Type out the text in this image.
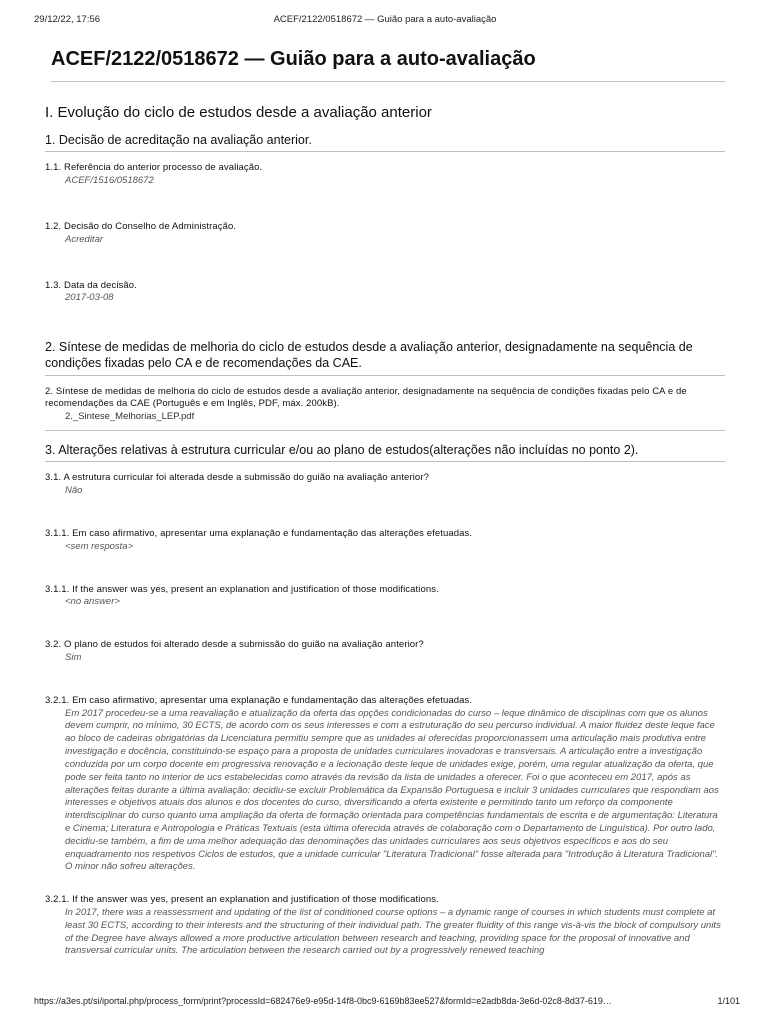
29/12/22, 17:56	ACEF/2122/0518672 — Guião para a auto-avaliação
ACEF/2122/0518672 — Guião para a auto-avaliação
I. Evolução do ciclo de estudos desde a avaliação anterior
1. Decisão de acreditação na avaliação anterior.
1.1. Referência do anterior processo de avaliação.
ACEF/1516/0518672
1.2. Decisão do Conselho de Administração.
Acreditar
1.3. Data da decisão.
2017-03-08
2. Síntese de medidas de melhoria do ciclo de estudos desde a avaliação anterior, designadamente na sequência de condições fixadas pelo CA e de recomendações da CAE.
2. Síntese de medidas de melhoria do ciclo de estudos desde a avaliação anterior, designadamente na sequência de condições fixadas pelo CA e de recomendações da CAE (Português e em Inglês, PDF, máx. 200kB).
2._Sintese_Melhorias_LEP.pdf
3. Alterações relativas à estrutura curricular e/ou ao plano de estudos(alterações não incluídas no ponto 2).
3.1. A estrutura curricular foi alterada desde a submissão do guião na avaliação anterior?
Não
3.1.1. Em caso afirmativo, apresentar uma explanação e fundamentação das alterações efetuadas.
<sem resposta>
3.1.1. If the answer was yes, present an explanation and justification of those modifications.
<no answer>
3.2. O plano de estudos foi alterado desde a submissão do guião na avaliação anterior?
Sim
3.2.1. Em caso afirmativo, apresentar uma explanação e fundamentação das alterações efetuadas.
Em 2017 procedeu-se a uma reavaliação e atualização da oferta das opções condicionadas do curso – leque dinâmico de disciplinas com que os alunos devem cumprir, no mínimo, 30 ECTS, de acordo com os seus interesses e com a estruturação do seu percurso individual. A maior fluidez deste leque face ao bloco de cadeiras obrigatórias da Licenciatura permitiu sempre que as unidades aí oferecidas proporcionassem uma articulação mais produtiva entre investigação e docência, constituindo-se espaço para a proposta de unidades curriculares inovadoras e transversais. A articulação entre a investigação conduzida por um corpo docente em progressiva renovação e a lecionação deste leque de unidades exige, porém, uma regular atualização da oferta, que pode ser feita tanto no interior de ucs estabelecidas como através da revisão da lista de unidades a oferecer. Foi o que aconteceu em 2017, após as alterações feitas durante a última avaliação: decidiu-se excluir Problemática da Expansão Portuguesa e incluir 3 unidades curriculares que respondiam aos interesses e objetivos atuais dos alunos e dos docentes do curso, diversificando a oferta existente e permitindo tanto um reforço da componente interdisciplinar do curso quanto uma ampliação da oferta de formação orientada para competências fundamentais de escrita e de argumentação: Literatura e Cinema; Literatura e Antropologia e Práticas Textuais (esta última oferecida através de colaboração com o Departamento de Linguística). Por outro lado, decidiu-se também, a fim de uma melhor adequação das denominações das unidades curriculares aos seus objetivos específicos e aos do seu enquadramento nos respetivos Ciclos de estudos, que a unidade curricular "Literatura Tradicional" fosse alterada para "Introdução à Literatura Tradicional". O minor não sofreu alterações.
3.2.1. If the answer was yes, present an explanation and justification of those modifications.
In 2017, there was a reassessment and updating of the list of conditioned course options – a dynamic range of courses in which students must complete at least 30 ECTS, according to their interests and the structuring of their individual path. The greater fluidity of this range vis-à-vis the block of compulsory units of the Degree have always allowed a more productive articulation between research and teaching, providing space for the proposal of innovative and transversal curricular units. The articulation between the research carried out by a progressively renewed teaching
https://a3es.pt/si/iportal.php/process_form/print?processId=682476e9-e95d-14f8-0bc9-6169b83ee527&formId=e2adb8da-3e6d-02c8-8d37-619…	1/101
